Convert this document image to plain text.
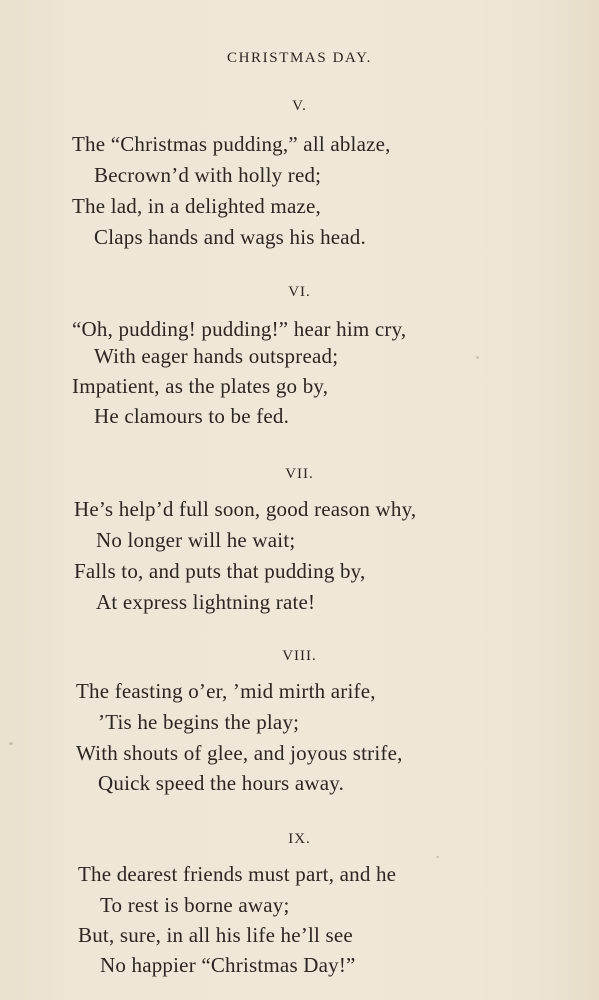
CHRISTMAS DAY.
V.
The “Christmas pudding,” all ablaze,
Becrown’d with holly red;
The lad, in a delighted maze,
Claps hands and wags his head.
VI.
“Oh, pudding! pudding!” hear him cry,
With eager hands outspread;
Impatient, as the plates go by,
He clamours to be fed.
VII.
He’s help’d full soon, good reason why,
No longer will he wait;
Falls to, and puts that pudding by,
At express lightning rate!
VIII.
The feasting o’er, ’mid mirth arife,
’Tis he begins the play;
With shouts of glee, and joyous strife,
Quick speed the hours away.
IX.
The dearest friends must part, and he
To rest is borne away;
But, sure, in all his life he’ll see
No happier “Christmas Day!”
